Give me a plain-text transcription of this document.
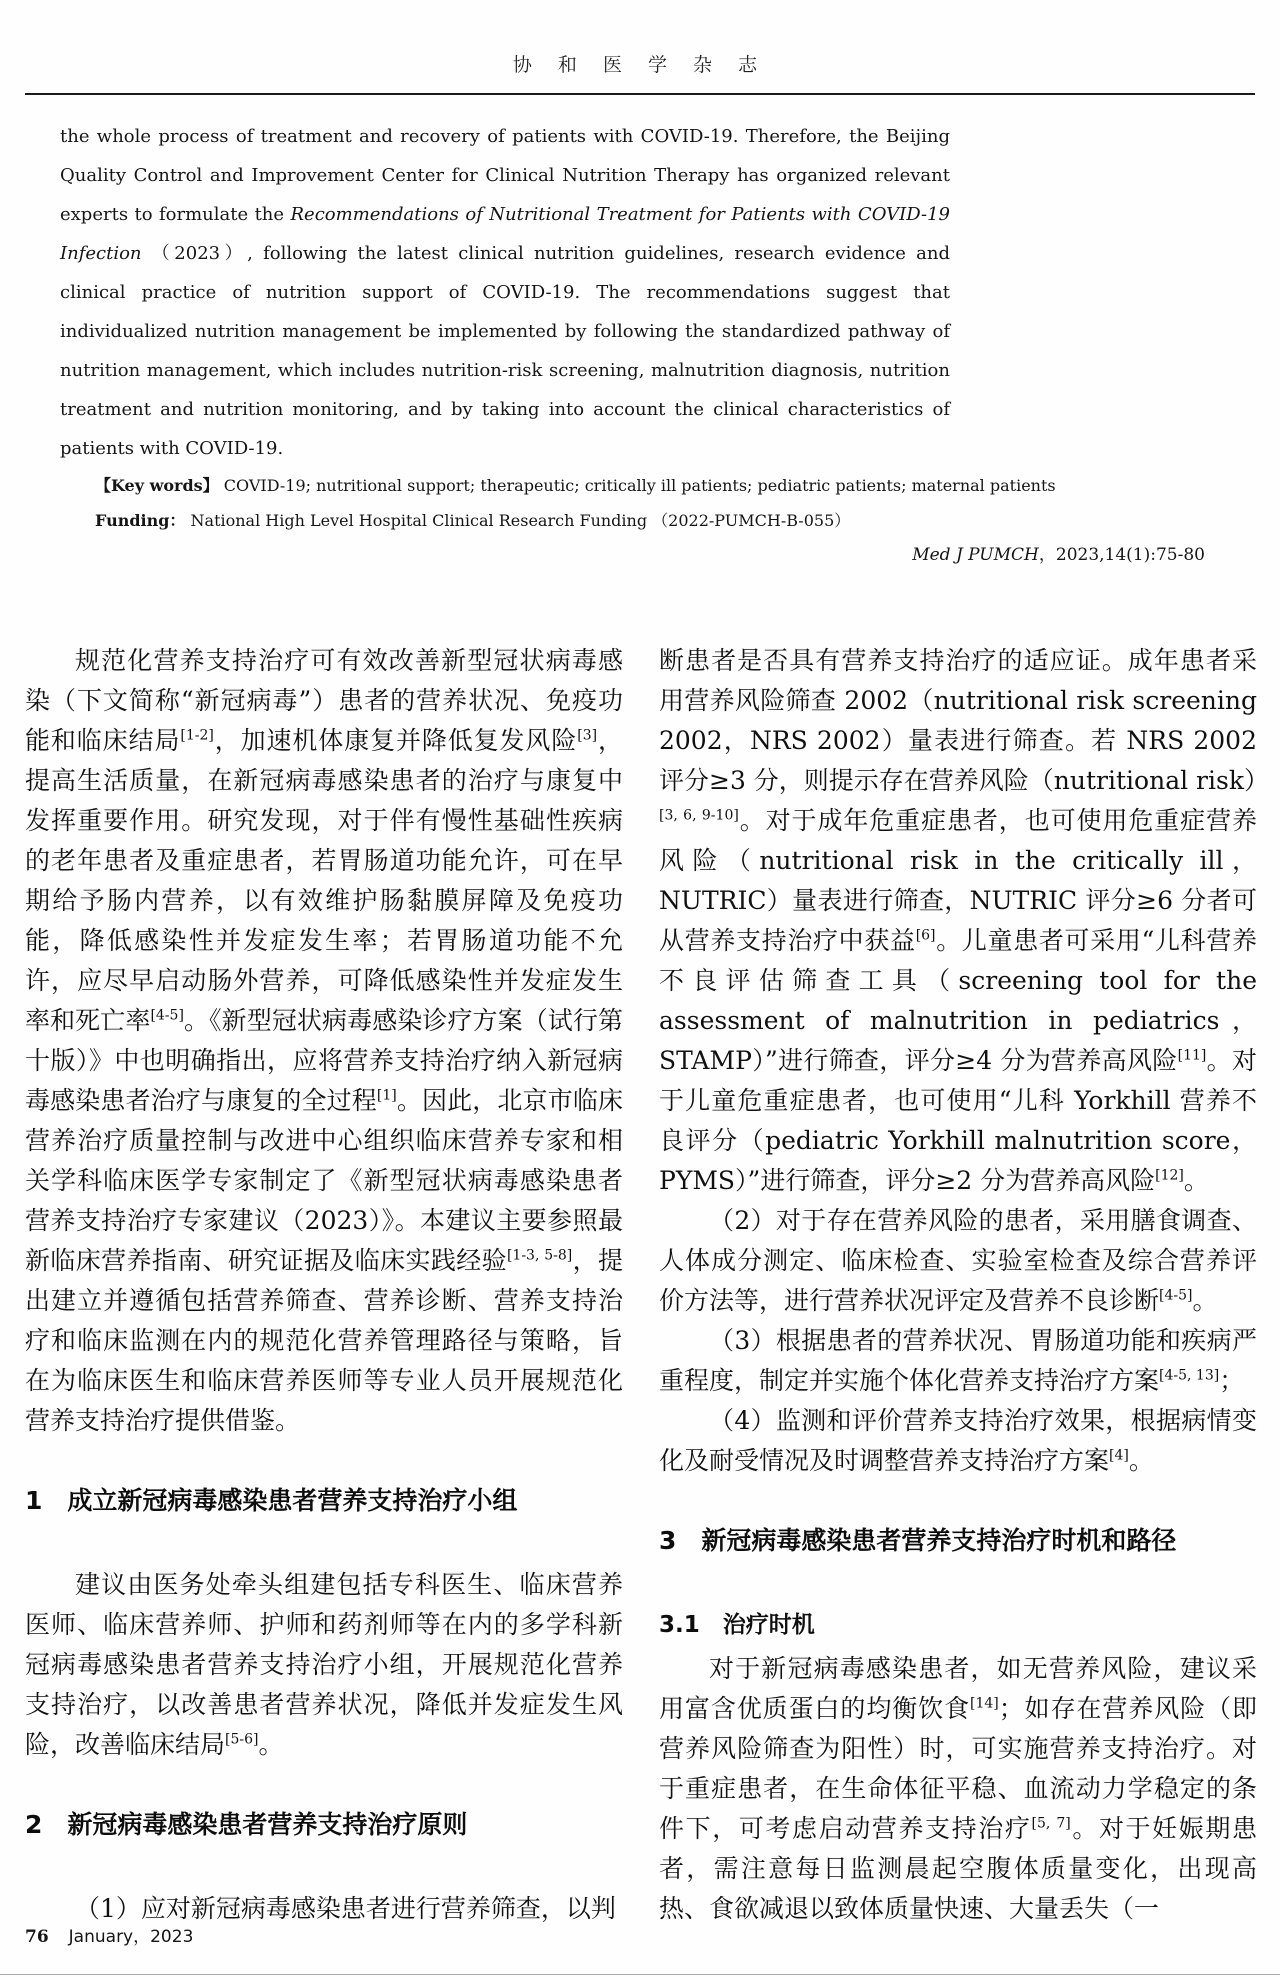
协 和 医 学 杂 志

the whole process of treatment and recovery of patients with COVID-19. Therefore, the Beijing Quality Control and Improvement Center for Clinical Nutrition Therapy has organized relevant experts to formulate the Recommendations of Nutritional Treatment for Patients with COVID-19 Infection （2023）, following the latest clinical nutrition guidelines, research evidence and clinical practice of nutrition support of COVID-19. The recommendations suggest that individualized nutrition management be implemented by following the standardized pathway of nutrition management, which includes nutrition-risk screening, malnutrition diagnosis, nutrition treatment and nutrition monitoring, and by taking into account the clinical characteristics of patients with COVID-19.

【Key words】 COVID-19; nutritional support; therapeutic; critically ill patients; pediatric patients; maternal patients

Funding： National High Level Hospital Clinical Research Funding （2022-PUMCH-B-055）

Med J PUMCH，2023,14(1):75-80

规范化营养支持治疗可有效改善新型冠状病毒感染（下文简称“新冠病毒”）患者的营养状况、免疫功能和临床结局[1-2]，加速机体康复并降低复发风险[3]，提高生活质量，在新冠病毒感染患者的治疗与康复中发挥重要作用。研究发现，对于伴有慢性基础性疾病的老年患者及重症患者，若胃肠道功能允许，可在早期给予肠内营养，以有效维护肠黏膜屏障及免疫功能，降低感染性并发症发生率；若胃肠道功能不允许，应尽早启动肠外营养，可降低感染性并发症发生率和死亡率[4-5]。《新型冠状病毒感染诊疗方案（试行第十版）》中也明确指出，应将营养支持治疗纳入新冠病毒感染患者治疗与康复的全过程[1]。因此，北京市临床营养治疗质量控制与改进中心组织临床营养专家和相关学科临床医学专家制定了《新型冠状病毒感染患者营养支持治疗专家建议（2023）》。本建议主要参照最新临床营养指南、研究证据及临床实践经验[1-3, 5-8]，提出建立并遵循包括营养筛查、营养诊断、营养支持治疗和临床监测在内的规范化营养管理路径与策略，旨在为临床医生和临床营养医师等专业人员开展规范化营养支持治疗提供借鉴。

1　成立新冠病毒感染患者营养支持治疗小组

建议由医务处牵头组建包括专科医生、临床营养医师、临床营养师、护师和药剂师等在内的多学科新冠病毒感染患者营养支持治疗小组，开展规范化营养支持治疗，以改善患者营养状况，降低并发症发生风险，改善临床结局[5-6]。

2　新冠病毒感染患者营养支持治疗原则

（1）应对新冠病毒感染患者进行营养筛查，以判

断患者是否具有营养支持治疗的适应证。成年患者采用营养风险筛查 2002（nutritional risk screening 2002，NRS 2002）量表进行筛查。若 NRS 2002 评分≥3 分，则提示存在营养风险（nutritional risk）[3, 6, 9-10]。对于成年危重症患者，也可使用危重症营养风险（nutritional risk in the critically ill，NUTRIC）量表进行筛查，NUTRIC 评分≥6 分者可从营养支持治疗中获益[6]。儿童患者可采用“儿科营养不良评估筛查工具（screening tool for the assessment of malnutrition in pediatrics，STAMP）”进行筛查，评分≥4 分为营养高风险[11]。对于儿童危重症患者，也可使用“儿科 Yorkhill 营养不良评分（pediatric Yorkhill malnutrition score，PYMS）”进行筛查，评分≥2 分为营养高风险[12]。

（2）对于存在营养风险的患者，采用膳食调查、人体成分测定、临床检查、实验室检查及综合营养评价方法等，进行营养状况评定及营养不良诊断[4-5]。

（3）根据患者的营养状况、胃肠道功能和疾病严重程度，制定并实施个体化营养支持治疗方案[4-5, 13]；

（4）监测和评价营养支持治疗效果，根据病情变化及耐受情况及时调整营养支持治疗方案[4]。

3　新冠病毒感染患者营养支持治疗时机和路径
3.1　治疗时机

对于新冠病毒感染患者，如无营养风险，建议采用富含优质蛋白的均衡饮食[14]；如存在营养风险（即营养风险筛查为阳性）时，可实施营养支持治疗。对于重症患者，在生命体征平稳、血流动力学稳定的条件下，可考虑启动营养支持治疗[5, 7]。对于妊娠期患者，需注意每日监测晨起空腹体质量变化，出现高热、食欲减退以致体质量快速、大量丢失（一

76 January，2023
